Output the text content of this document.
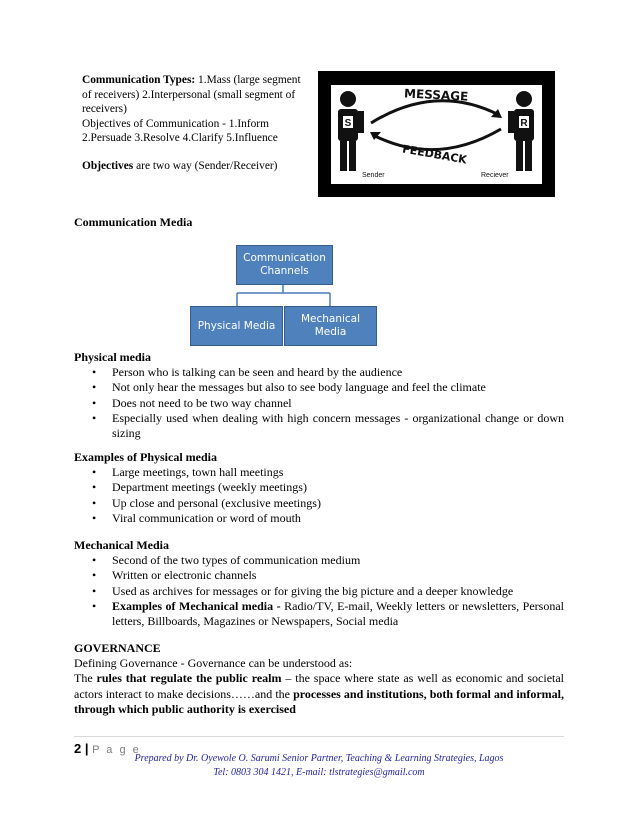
Communication Types: 1.Mass (large segment of receivers) 2.Interpersonal (small segment of receivers)

Objectives of Communication - 1.Inform 2.Persuade 3.Resolve 4.Clarify 5.Influence

Objectives are two way (Sender/Receiver)

S	R
MESSAGE
FEEDBACK
Sender	Reciever
Communication Media
Communication Channels
Physical Media
Mechanical Media
Physical media
• Person who is talking can be seen and heard by the audience
• Not only hear the messages but also to see body language and feel the climate
• Does not need to be two way channel
• Especially used when dealing with high concern messages - organizational change or down sizing
Examples of Physical media
• Large meetings, town hall meetings
• Department meetings (weekly meetings)
• Up close and personal (exclusive meetings)
• Viral communication or word of mouth
Mechanical Media
• Second of the two types of communication medium
• Written or electronic channels
• Used as archives for messages or for giving the big picture and a deeper knowledge
• Examples of Mechanical media - Radio/TV, E-mail, Weekly letters or newsletters, Personal letters, Billboards, Magazines or Newspapers, Social media
GOVERNANCE
Defining Governance - Governance can be understood as:
The rules that regulate the public realm – the space where state as well as economic and societal actors interact to make decisions……and the processes and institutions, both formal and informal, through which public authority is exercised
2 | P a g e
Prepared by Dr. Oyewole O. Sarumi Senior Partner, Teaching & Learning Strategies, Lagos
Tel: 0803 304 1421, E-mail: tlstrategies@gmail.com
